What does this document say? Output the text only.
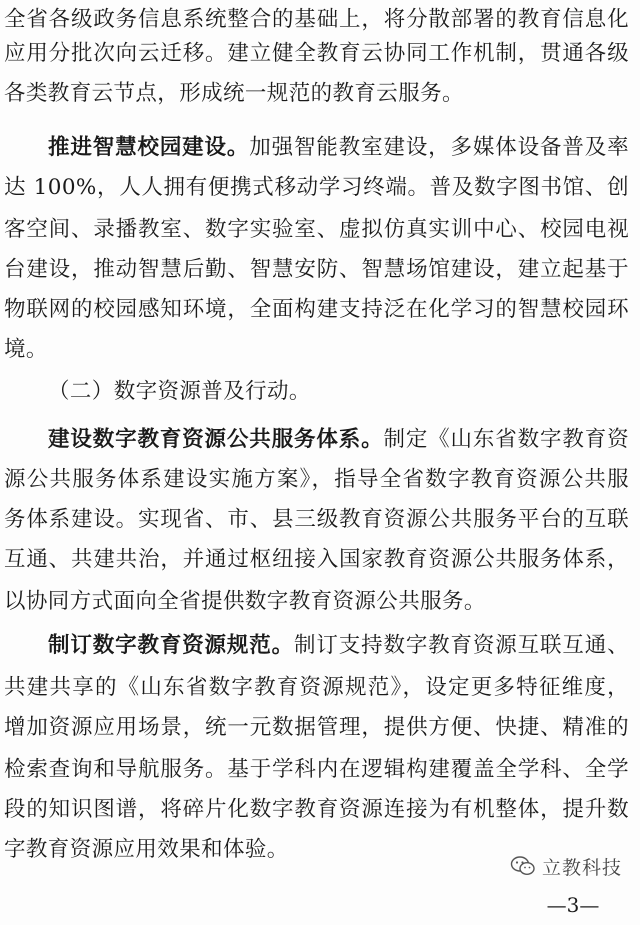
全省各级政务信息系统整合的基础上，将分散部署的教育信息化
应用分批次向云迁移。建立健全教育云协同工作机制，贯通各级
各类教育云节点，形成统一规范的教育云服务。
推进智慧校园建设。加强智能教室建设，多媒体设备普及率
达 100%，人人拥有便携式移动学习终端。普及数字图书馆、创
客空间、录播教室、数字实验室、虚拟仿真实训中心、校园电视
台建设，推动智慧后勤、智慧安防、智慧场馆建设，建立起基于
物联网的校园感知环境，全面构建支持泛在化学习的智慧校园环
境。
（二）数字资源普及行动。
建设数字教育资源公共服务体系。制定《山东省数字教育资
源公共服务体系建设实施方案》，指导全省数字教育资源公共服
务体系建设。实现省、市、县三级教育资源公共服务平台的互联
互通、共建共治，并通过枢纽接入国家教育资源公共服务体系，
以协同方式面向全省提供数字教育资源公共服务。
制订数字教育资源规范。制订支持数字教育资源互联互通、
共建共享的《山东省数字教育资源规范》，设定更多特征维度，
增加资源应用场景，统一元数据管理，提供方便、快捷、精准的
检索查询和导航服务。基于学科内在逻辑构建覆盖全学科、全学
段的知识图谱，将碎片化数字教育资源连接为有机整体，提升数
字教育资源应用效果和体验。
立教科技
—3—
